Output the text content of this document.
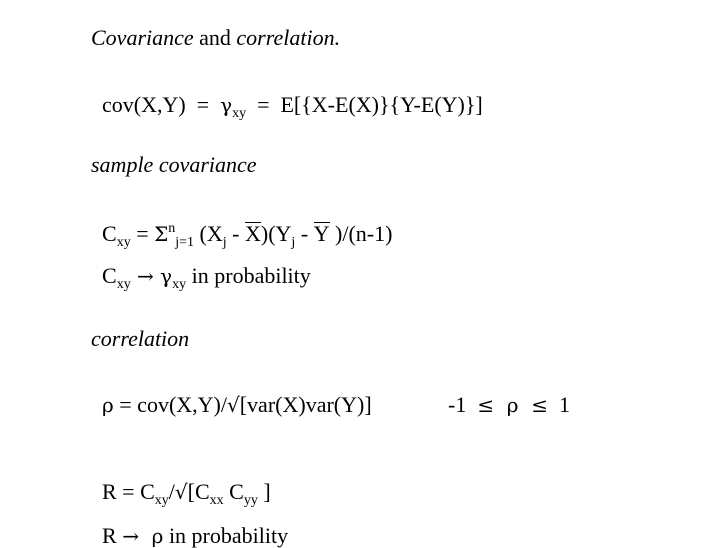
Covariance and correlation.

$cov(X,Y) = \gamma_{xy} = E[\{X-E(X)\}\{Y-E(Y)\}]$

sample covariance

$C_{xy} = \Sigma^n_{j=1}$ $(X_j - X)(Y_j$ - Y )/(n-1)

$C_{xy} \to \gamma_{xy}$ in probability

correlation

ρ = cov(X,Y)/√[var(X)var(Y)]	-1  ≤  ρ  ≤  1

$R = C_{xy}/√[C_{xx}$ $C_{yy}$ ]

R →  ρ in probability
